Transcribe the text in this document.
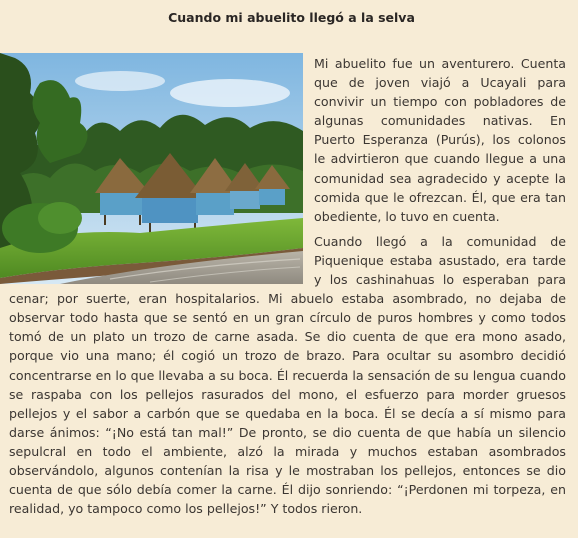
Cuando mi abuelito llegó a la selva

Mi abuelito fue un aventurero. Cuenta que de joven viajó a Ucayali para convivir un tiempo con pobladores de algunas comunidades nativas. En Puerto Esperanza (Purús), los colonos le advirtieron que cuando llegue a una comunidad sea agradecido y acepte la comida que le ofrezcan. Él, que era tan obediente, lo tuvo en cuenta.

Cuando llegó a la comunidad de Piquenique estaba asustado, era tarde y los cashinahuas lo esperaban para cenar; por suerte, eran hospitalarios. Mi abuelo estaba asombrado, no dejaba de observar todo hasta que se sentó en un gran círculo de puros hombres y como todos tomó de un plato un trozo de carne asada. Se dio cuenta de que era mono asado, porque vio una mano; él cogió un trozo de brazo. Para ocultar su asombro decidió concentrarse en lo que llevaba a su boca. Él recuerda la sensación de su lengua cuando se raspaba con los pellejos rasurados del mono, el esfuerzo para morder gruesos pellejos y el sabor a carbón que se quedaba en la boca. Él se decía a sí mismo para darse ánimos: “¡No está tan mal!” De pronto, se dio cuenta de que había un silencio sepulcral en todo el ambiente, alzó la mirada y muchos estaban asombrados observándolo, algunos contenían la risa y le mostraban los pellejos, entonces se dio cuenta de que sólo debía comer la carne. Él dijo sonriendo: “¡Perdonen mi torpeza, en realidad, yo tampoco como los pellejos!” Y todos rieron.
